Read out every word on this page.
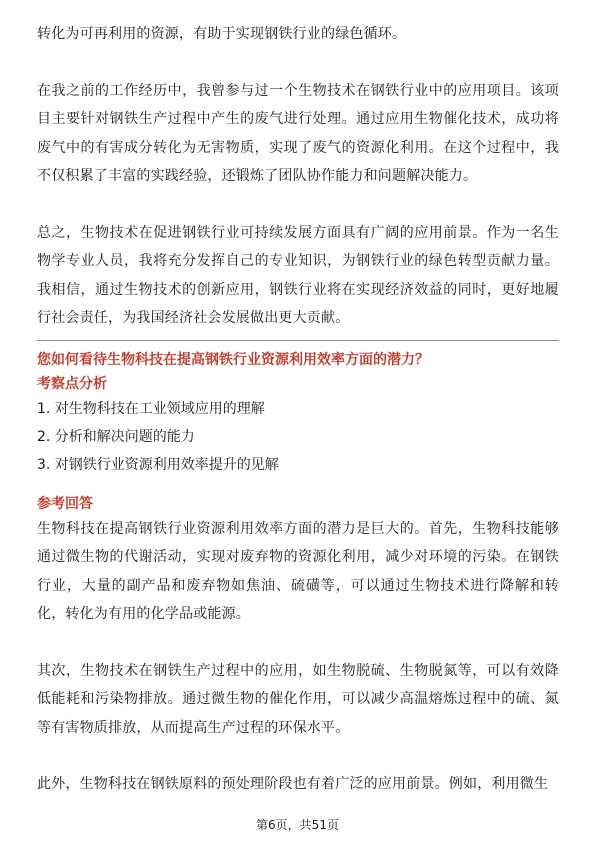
转化为可再利用的资源，有助于实现钢铁行业的绿色循环。

在我之前的工作经历中，我曾参与过一个生物技术在钢铁行业中的应用项目。该项目主要针对钢铁生产过程中产生的废气进行处理。通过应用生物催化技术，成功将废气中的有害成分转化为无害物质，实现了废气的资源化利用。在这个过程中，我不仅积累了丰富的实践经验，还锻炼了团队协作能力和问题解决能力。

总之，生物技术在促进钢铁行业可持续发展方面具有广阔的应用前景。作为一名生物学专业人员，我将充分发挥自己的专业知识，为钢铁行业的绿色转型贡献力量。我相信，通过生物技术的创新应用，钢铁行业将在实现经济效益的同时，更好地履行社会责任，为我国经济社会发展做出更大贡献。

您如何看待生物科技在提高钢铁行业资源利用效率方面的潜力？

考察点分析

1. 对生物科技在工业领域应用的理解
2. 分析和解决问题的能力
3. 对钢铁行业资源利用效率提升的见解

参考回答

生物科技在提高钢铁行业资源利用效率方面的潜力是巨大的。首先，生物科技能够通过微生物的代谢活动，实现对废弃物的资源化利用，减少对环境的污染。在钢铁行业，大量的副产品和废弃物如焦油、硫磺等，可以通过生物技术进行降解和转化，转化为有用的化学品或能源。

其次，生物技术在钢铁生产过程中的应用，如生物脱硫、生物脱氮等，可以有效降低能耗和污染物排放。通过微生物的催化作用，可以减少高温熔炼过程中的硫、氮等有害物质排放，从而提高生产过程的环保水平。

此外，生物科技在钢铁原料的预处理阶段也有着广泛的应用前景。例如，利用微生

第6页，共51页
